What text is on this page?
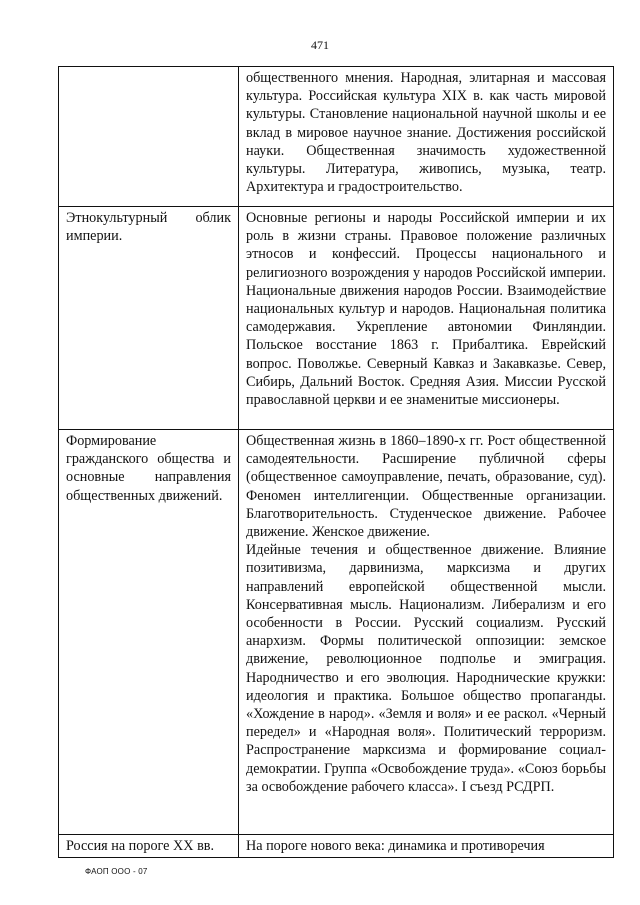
471

	общественного мнения. Народная, элитарная и массовая культура. Российская культура XIX в. как часть мировой культуры. Становление национальной научной школы и ее вклад в мировое научное знание. Достижения российской науки. Общественная значимость художественной культуры. Литература, живопись, музыка, театр. Архитектура и градостроительство.

Этнокультурный облик империи.	Основные регионы и народы Российской империи и их роль в жизни страны. Правовое положение различных этносов и конфессий. Процессы национального и религиозного возрождения у народов Российской империи. Национальные движения народов России. Взаимодействие национальных культур и народов. Национальная политика самодержавия. Укрепление автономии Финляндии. Польское восстание 1863 г. Прибалтика. Еврейский вопрос. Поволжье. Северный Кавказ и Закавказье. Север, Сибирь, Дальний Восток. Средняя Азия. Миссии Русской православной церкви и ее знаменитые миссионеры.

Формирование гражданского общества и основные направления общественных движений.	Общественная жизнь в 1860–1890-х гг. Рост общественной самодеятельности. Расширение публичной сферы (общественное самоуправление, печать, образование, суд). Феномен интеллигенции. Общественные организации. Благотворительность. Студенческое движение. Рабочее движение. Женское движение.

Идейные течения и общественное движение. Влияние позитивизма, дарвинизма, марксизма и других направлений европейской общественной мысли. Консервативная мысль. Национализм. Либерализм и его особенности в России. Русский социализм. Русский анархизм. Формы политической оппозиции: земское движение, революционное подполье и эмиграция. Народничество и его эволюция. Народнические кружки: идеология и практика. Большое общество пропаганды. «Хождение в народ». «Земля и воля» и ее раскол. «Черный передел» и «Народная воля». Политический терроризм. Распространение марксизма и формирование социал-демократии. Группа «Освобождение труда». «Союз борьбы за освобождение рабочего класса». I съезд РСДРП.

Россия на пороге XX вв.	На пороге нового века: динамика и противоречия

ФАОП ООО - 07
